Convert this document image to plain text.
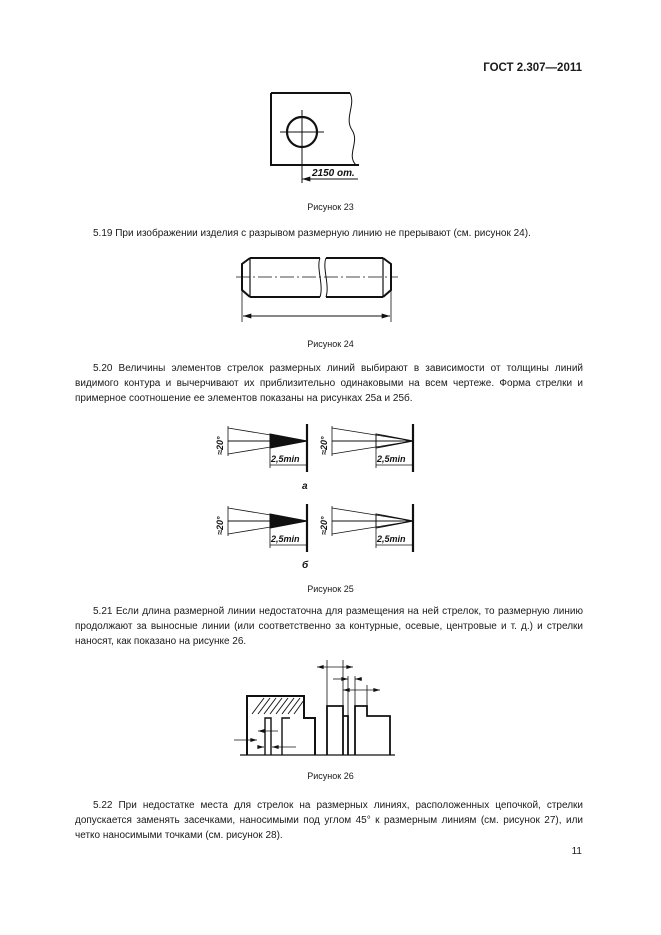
ГОСТ 2.307—2011
2150 от.
≈20°	≈20°
≈20°	≈20°
2,5min	2,5min
2,5min	2,5min
а
б
Рисунок 23
5.19 При изображении изделия с разрывом размерную линию не прерывают (см. рисунок 24).
Рисунок 24
5.20 Величины элементов стрелок размерных линий выбирают в зависимости от толщины линий видимого контура и вычерчивают их приблизительно одинаковыми на всем чертеже. Форма стрелки и примерное соотношение ее элементов показаны на рисунках 25а и 25б.
Рисунок 25
5.21 Если длина размерной линии недостаточна для размещения на ней стрелок, то размерную линию продолжают за выносные линии (или соответственно за контурные, осевые, центровые и т. д.) и стрелки наносят, как показано на рисунке 26.
Рисунок 26
5.22 При недостатке места для стрелок на размерных линиях, расположенных цепочкой, стрелки допускается заменять засечками, наносимыми под углом 45° к размерным линиям (см. рисунок 27), или четко наносимыми точками (см. рисунок 28).
11
